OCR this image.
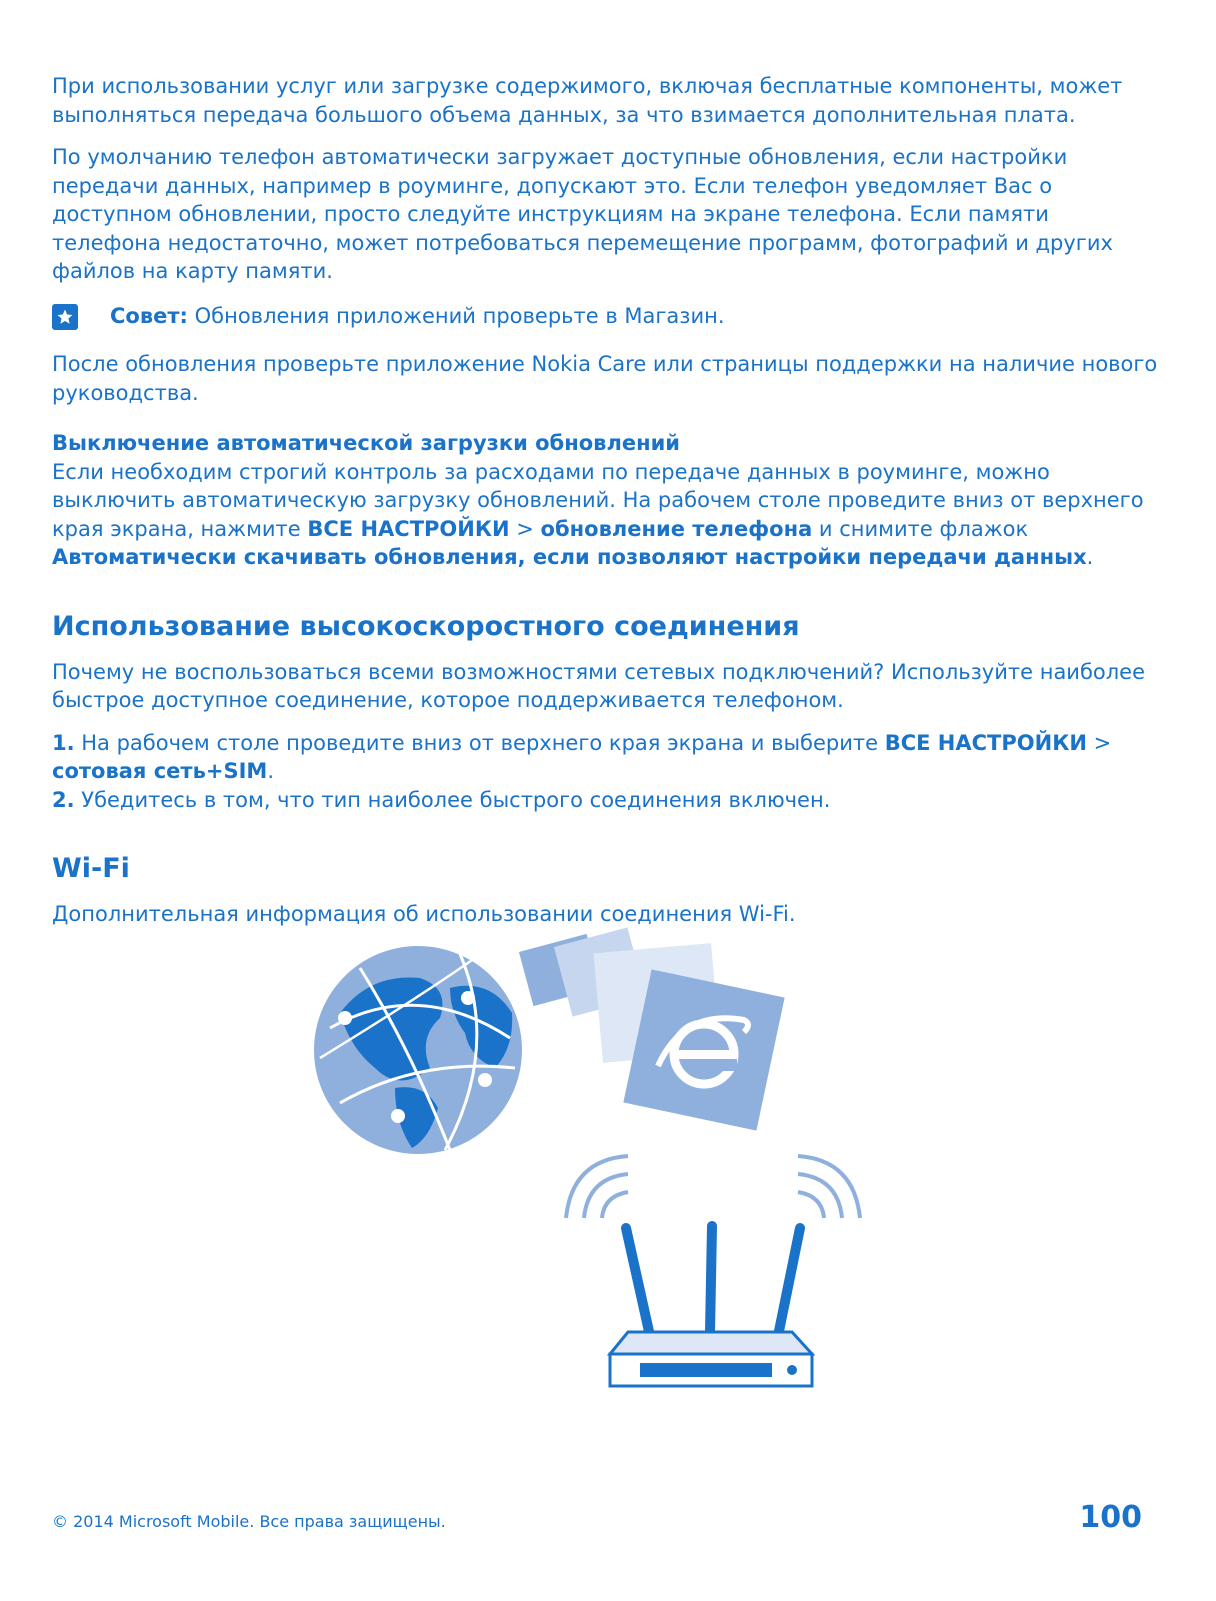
При использовании услуг или загрузке содержимого, включая бесплатные компоненты, может выполняться передача большого объема данных, за что взимается дополнительная плата.

По умолчанию телефон автоматически загружает доступные обновления, если настройки передачи данных, например в роуминге, допускают это. Если телефон уведомляет Вас о доступном обновлении, просто следуйте инструкциям на экране телефона. Если памяти телефона недостаточно, может потребоваться перемещение программ, фотографий и других файлов на карту памяти.

Совет: Обновления приложений проверьте в Магазин.

После обновления проверьте приложение Nokia Care или страницы поддержки на наличие нового руководства.

Выключение автоматической загрузки обновлений

Если необходим строгий контроль за расходами по передаче данных в роуминге, можно выключить автоматическую загрузку обновлений. На рабочем столе проведите вниз от верхнего края экрана, нажмите ВСЕ НАСТРОЙКИ > обновление телефона и снимите флажок Автоматически скачивать обновления, если позволяют настройки передачи данных.

Использование высокоскоростного соединения

Почему не воспользоваться всеми возможностями сетевых подключений? Используйте наиболее быстрое доступное соединение, которое поддерживается телефоном.

1. На рабочем столе проведите вниз от верхнего края экрана и выберите ВСЕ НАСТРОЙКИ > сотовая сеть+SIM.

2. Убедитесь в том, что тип наиболее быстрого соединения включен.

Wi-Fi

Дополнительная информация об использовании соединения Wi-Fi.

© 2014 Microsoft Mobile. Все права защищены.	100
